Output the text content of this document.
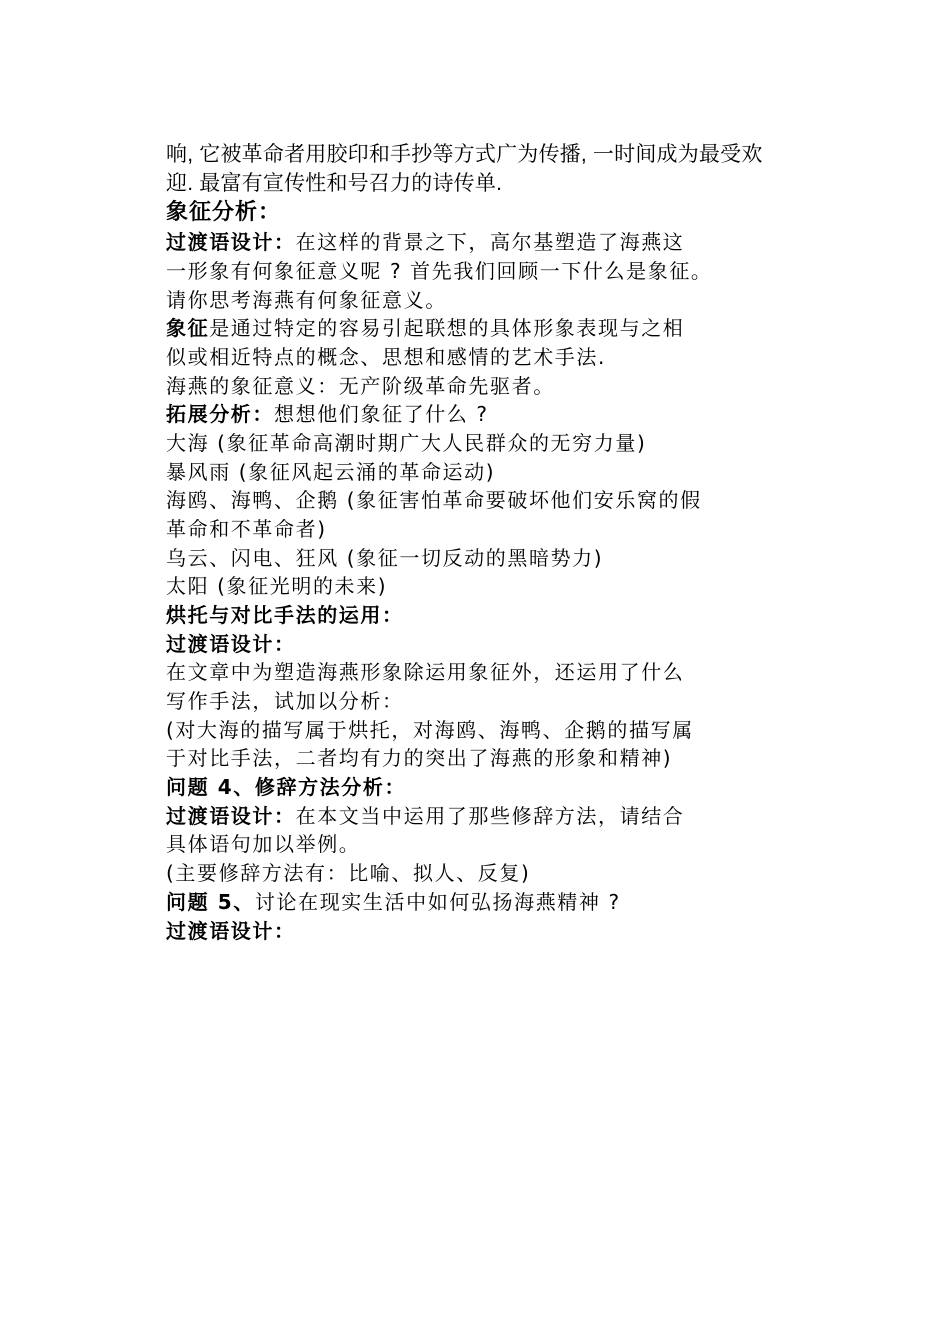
响, 它被革命者用胶印和手抄等方式广为传播, 一时间成为最受欢
迎. 最富有宣传性和号召力的诗传单.
象征分析：
过渡语设计：在这样的背景之下，高尔基塑造了海燕这
一形象有何象征意义呢 ? 首先我们回顾一下什么是象征。
请你思考海燕有何象征意义。
象征是通过特定的容易引起联想的具体形象表现与之相
似或相近特点的概念、思想和感情的艺术手法.
海燕的象征意义：无产阶级革命先驱者。
拓展分析：想想他们象征了什么 ?
大海 (象征革命高潮时期广大人民群众的无穷力量)
暴风雨 (象征风起云涌的革命运动)
海鸥、海鸭、企鹅 (象征害怕革命要破坏他们安乐窝的假
革命和不革命者)
乌云、闪电、狂风 (象征一切反动的黑暗势力)
太阳 (象征光明的未来)
烘托与对比手法的运用：
过渡语设计：
在文章中为塑造海燕形象除运用象征外，还运用了什么
写作手法，试加以分析：
(对大海的描写属于烘托，对海鸥、海鸭、企鹅的描写属
于对比手法，二者均有力的突出了海燕的形象和精神)
问题 4、修辞方法分析：
过渡语设计：在本文当中运用了那些修辞方法，请结合
具体语句加以举例。
(主要修辞方法有：比喻、拟人、反复)
问题 5、讨论在现实生活中如何弘扬海燕精神 ?
过渡语设计：
